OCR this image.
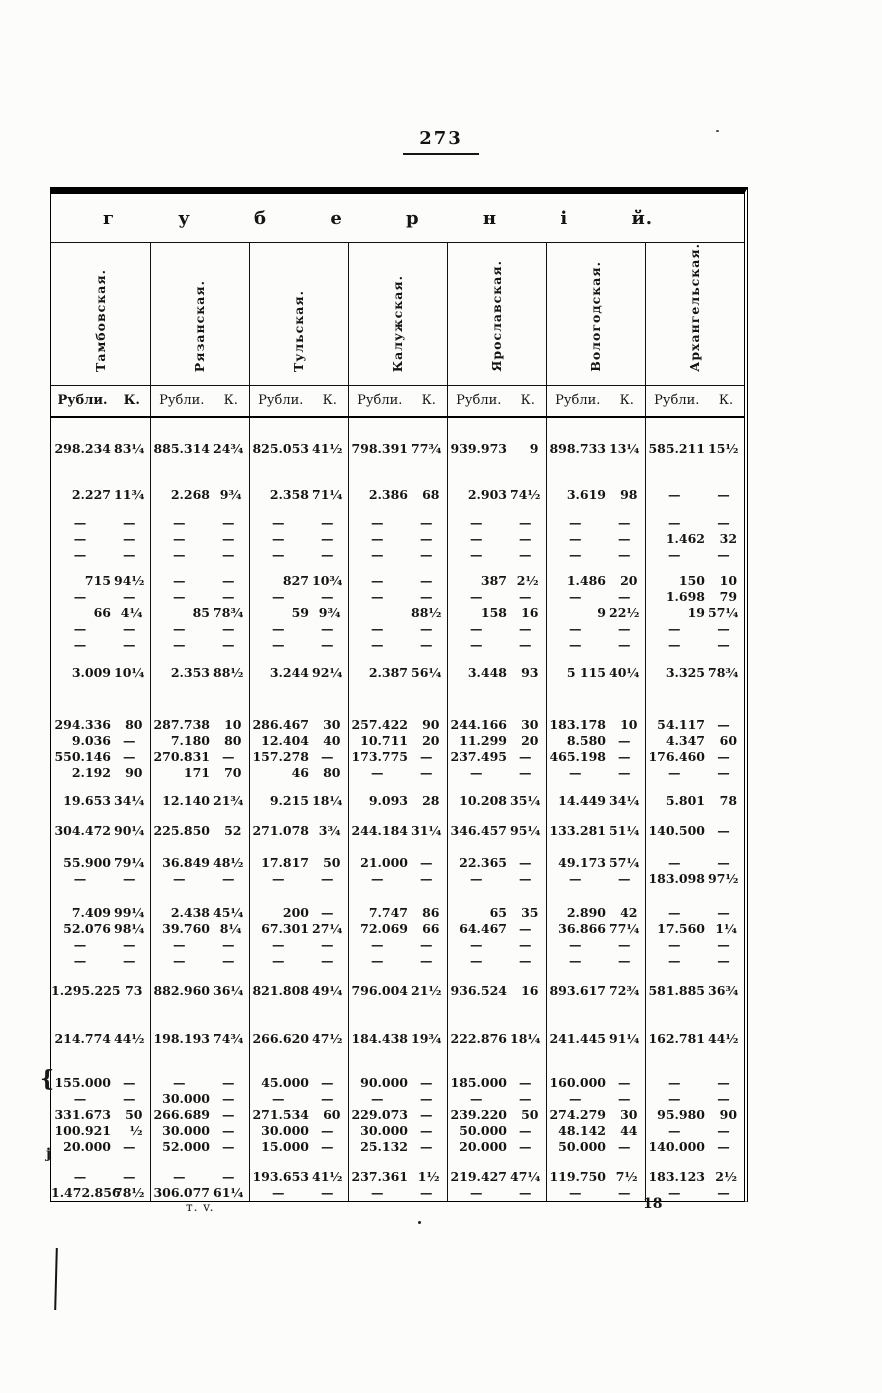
273
г у б е р н і й.													
Тамбовская.		Рязанская.		Тульская.		Калужская.		Ярославская.		Вологодская.		Архангельская.	
Рубли.	К.	Рубли.	К.	Рубли.	К.	Рубли.	К.	Рубли.	К.	Рубли.	К.	Рубли.	К.

298.234	83¼	885.314	24¾	825.053	41½	798.391	77¾	939.973	9	898.733	13¼	585.211	15½

2.227	11¾	2.268	9¾	2.358	71¼	2.386	68	2.903	74½	3.619	98	—	—

—	—	—	—	—	—	—	—	—	—	—	—	—	—
—	—	—	—	—	—	—	—	—	—	—	—	1.462	32
—	—	—	—	—	—	—	—	—	—	—	—	—	—

715	94½	—	—	827	10¾	—	—	387	2½	1.486	20	150	10
—	—	—	—	—	—	—	—	—	—	—	—	1.698	79
66	4¼	85	78¾	59	9¾		88½	158	16	9	22½	19	57¼
—	—	—	—	—	—	—	—	—	—	—	—	—	—
—	—	—	—	—	—	—	—	—	—	—	—	—	—

3.009	10¼	2.353	88½	3.244	92¼	2.387	56¼	3.448	93	5 115	40¼	3.325	78¾

294.336	80	287.738	10	286.467	30	257.422	90	244.166	30	183.178	10	54.117	—
9.036	—	7.180	80	12.404	40	10.711	20	11.299	20	8.580	—	4.347	60
550.146	—	270.831	—	157.278	—	173.775	—	237.495	—	465.198	—	176.460	—
2.192	90	171	70	46	80	—	—	—	—	—	—	—	—

19.653	34¼	12.140	21¾	9.215	18¼	9.093	28	10.208	35¼	14.449	34¼	5.801	78

304.472	90¼	225.850	52	271.078	3¾	244.184	31¼	346.457	95¼	133.281	51¼	140.500	—

55.900	79¼	36.849	48½	17.817	50	21.000	—	22.365	—	49.173	57¼	—	—
—	—	—	—	—	—	—	—	—	—	—	—	183.098	97½

7.409	99¼	2.438	45¼	200	—	7.747	86	65	35	2.890	42	—	—
52.076	98¼	39.760	8¼	67.301	27¼	72.069	66	64.467	—	36.866	77¼	17.560	1¼
—	—	—	—	—	—	—	—	—	—	—	—	—	—
—	—	—	—	—	—	—	—	—	—	—	—	—	—

1.295.225	73	882.960	36¼	821.808	49¼	796.004	21½	936.524	16	893.617	72¾	581.885	36¾

214.774	44½	198.193	74¾	266.620	47½	184.438	19¾	222.876	18¼	241.445	91¼	162.781	44½

155.000	—	—	—	45.000	—	90.000	—	185.000	—	160.000	—	—	—
—	—	30.000	—	—	—	—	—	—	—	—	—	—	—
331.673	50	266.689	—	271.534	60	229.073	—	239.220	50	274.279	30	95.980	90
100.921	½	30.000	—	30.000	—	30.000	—	50.000	—	48.142	44	—	—
20.000	—	52.000	—	15.000	—	25.132	—	20.000	—	50.000	—	140.000	—

—	—	—	—	193.653	41½	237.361	1½	219.427	47¼	119.750	7½	183.123	2½
1.472.856	78½	306.077	61¼	—	—	—	—	—	—	—	—	—	—
т. v.	18
{
j
